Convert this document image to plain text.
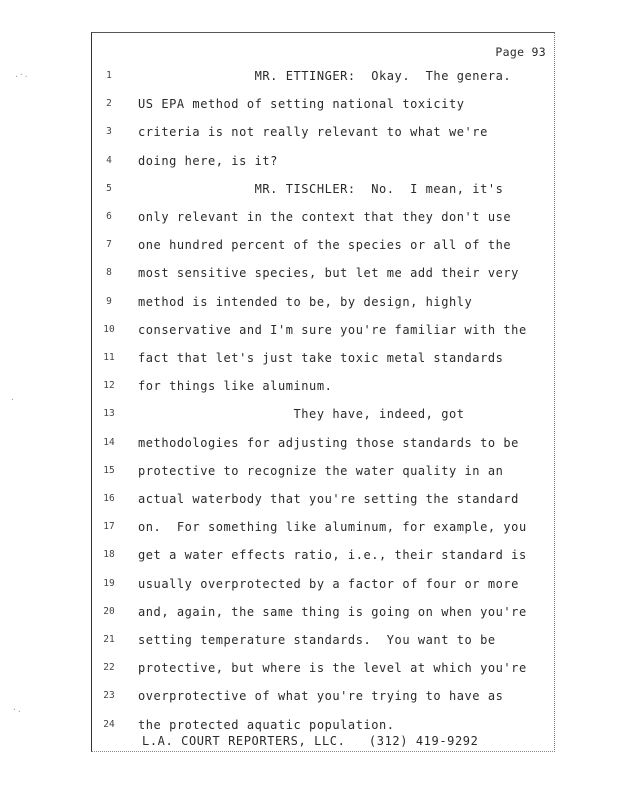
.·.
·
·.
Page 93
1	MR. ETTINGER:  Okay.  The genera.
2	US EPA method of setting national toxicity
3	criteria is not really relevant to what we're
4	doing here, is it?
5	MR. TISCHLER:  No.  I mean, it's
6	only relevant in the context that they don't use
7	one hundred percent of the species or all of the
8	most sensitive species, but let me add their very
9	method is intended to be, by design, highly
10 conservative and I'm sure you're familiar with the
11 fact that let's just take toxic metal standards
12 for things like aluminum.
13 They have, indeed, got
14 methodologies for adjusting those standards to be
15 protective to recognize the water quality in an
16 actual waterbody that you're setting the standard
17 on.  For something like aluminum, for example, you
18 get a water effects ratio, i.e., their standard is
19 usually overprotected by a factor of four or more
20 and, again, the same thing is going on when you're
21 setting temperature standards.  You want to be
22 protective, but where is the level at which you're
23 overprotective of what you're trying to have as
24 the protected aquatic population.
L.A. COURT REPORTERS, LLC.   (312) 419-9292
